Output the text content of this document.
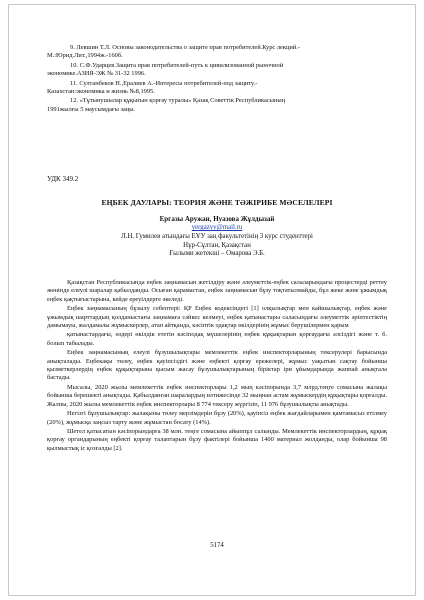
9. Левшин Т.Л. Основы законодательства о защите прав потребителей.Курс лекций.-
М.:Юрид.Лит.,1994ж.-160б.
10. С.Ф.Ударцев.Защита прав потребителей-путь к цивилизованной рыночной
экономике.АЗИЯ-ЭЖ № 31-32 1996.
11. Султанбеков Н.,Ералиев А.-Интересы потребителей-под защиту.-
Казахстан:экономика и жизнь №8,1995.
12. «Тұтынушылар құқығын қорғау туралы» Қазақ Советтік Республикасының
1991жылғы 5 маусымдағы заңы.
УДК 349.2
ЕҢБЕК ДАУЛАРЫ: ТЕОРИЯ ЖӘНЕ ТӘЖІРИБЕ МӘСЕЛЕЛЕРІ
Ергазы Аружан, Нуазова Жұлдызай
yergazyy@mail.ru
Л.Н. Гумилев атындағы ЕҰУ заң факультетінің 3 курс студенттері
Нұр-Сұлтан, Қазақстан
Ғылыми жетекші – Омарова Э.Б.

Қазақстан Республикасында еңбек заңнамасын жетілдіру және әлеуметтік-еңбек салаларындағы процестерді реттеу жөнінде елеулі шаралар қабылданды. Осыған қарамастан, еңбек заңнамасын бұзу тоқтатылмайды, бұл жеке және ұжымдық еңбек қақтығыстарына, кейде ереуілдерге әкеледі.

Еңбек заңнамасының бұзылу себептері: ҚР Еңбек кодексіндегі [1] олқылықтар мен кайшылықтар, еңбек және ұжымдық шарттардың қолданыстағы заңнамаға сәйкес келмеуі, еңбек қатынастары саласындағы әлеуметтік әріптестіктің дамымауы, жалдамалы жұмыскерлер, атап айтқанда, кәсіптік одақтар өкілдерінің жұмыс берушілермен қарым

қатынастардағы, өздері өкілдік ететін кәсіподақ мүшелерінің еңбек құқықтарын қорғаудағы әлсіздігі және т. б. болып табылады.

Еңбек заңнамасының елеулі бұзушылықтары мемлекеттік еңбек инспекторларының тексерулері барысында анықталады. Еңбекақы төлеу, еңбек қауіпсіздігі және еңбекті қорғау ережелері, жұмыс уақытын сақтау бойынша қызметкерлердің еңбек құқықтарына қысым жасау бұзушылықтарының біріктар іри ұйымдарында жаппай анықтала бастады.

Мысалы, 2020 жылы мемлекеттік еңбек инспекторлары 1,2 мың кәсіпорында 3,7 млрд.теңге сомасына жалақы бойынша берешекті анықтады. Қабылданған шаралардың нәтижесінде 32 мыңнан астам жұмыскердің құқықтары қорғалды. Жалпы, 2020 жылы мемлекеттік еңбек инспекторлары 8 774 тексеру жүргізіп, 11 976 бұзушылықты анықтады.

Негізгі бұзушылықтар: жалақыны төлеу мерзімдерін бұзу (20%), қауіпсіз еңбек жағдайларымен қамтамасыз етілмеу (20%), жұмысқа заңсыз тарту және жұмыстан босату (14%).

Шетел қатысатын кәсіпорындарға 38 млн. теңге сомасына айыппұл салынды. Мемлекеттік инспекторлардың, құқық қорғау органдарының еңбекті қорғау талаптарын бұзу фактілері бойынша 1400 материал жолданды, олар бойынша 98 қылмыстық іс қозғалды [2].

5174
